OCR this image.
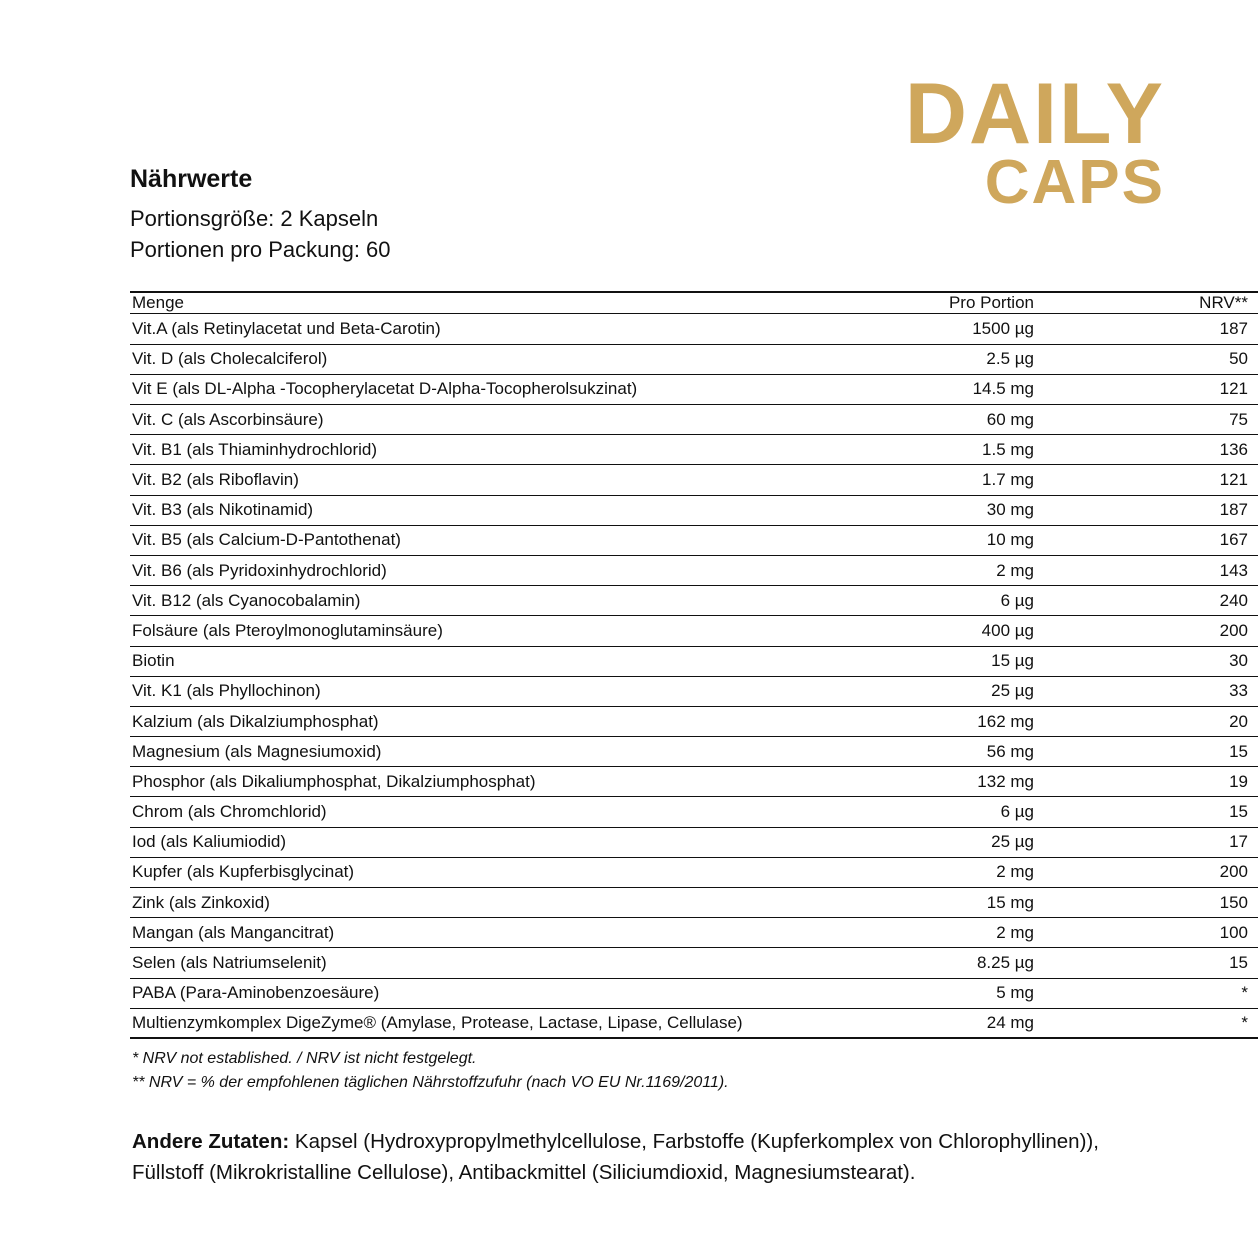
DAILY
CAPS
Nährwerte
Portionsgröße: 2 Kapseln
Portionen pro Packung: 60
Menge	Pro Portion	NRV**
Vit.A (als Retinylacetat und Beta-Carotin)	1500 µg	187
Vit. D (als Cholecalciferol)	2.5 µg	50
Vit E (als DL-Alpha -Tocopherylacetat D-Alpha-Tocopherolsukzinat)	14.5 mg	121
Vit. C (als Ascorbinsäure)	60 mg	75
Vit. B1 (als Thiaminhydrochlorid)	1.5 mg	136
Vit. B2 (als Riboflavin)	1.7 mg	121
Vit. B3 (als Nikotinamid)	30 mg	187
Vit. B5 (als Calcium-D-Pantothenat)	10 mg	167
Vit. B6 (als Pyridoxinhydrochlorid)	2 mg	143
Vit. B12 (als Cyanocobalamin)	6 µg	240
Folsäure (als Pteroylmonoglutaminsäure)	400 µg	200
Biotin	15 µg	30
Vit. K1 (als Phyllochinon)	25 µg	33
Kalzium (als Dikalziumphosphat)	162 mg	20
Magnesium (als Magnesiumoxid)	56 mg	15
Phosphor (als Dikaliumphosphat, Dikalziumphosphat)	132 mg	19
Chrom (als Chromchlorid)	6 µg	15
Iod (als Kaliumiodid)	25 µg	17
Kupfer (als Kupferbisglycinat)	2 mg	200
Zink (als Zinkoxid)	15 mg	150
Mangan (als Mangancitrat)	2 mg	100
Selen (als Natriumselenit)	8.25 µg	15
PABA (Para-Aminobenzoesäure)	5 mg	*
Multienzymkomplex DigeZyme® (Amylase, Protease, Lactase, Lipase, Cellulase)	24 mg	*
* NRV not established. / NRV ist nicht festgelegt.
** NRV = % der empfohlenen täglichen Nährstoffzufuhr (nach VO EU Nr.1169/2011).
Andere Zutaten: Kapsel (Hydroxypropylmethylcellulose, Farbstoffe (Kupferkomplex von Chlorophyllinen)), Füllstoff (Mikrokristalline Cellulose), Antibackmittel (Siliciumdioxid, Magnesiumstearat).
